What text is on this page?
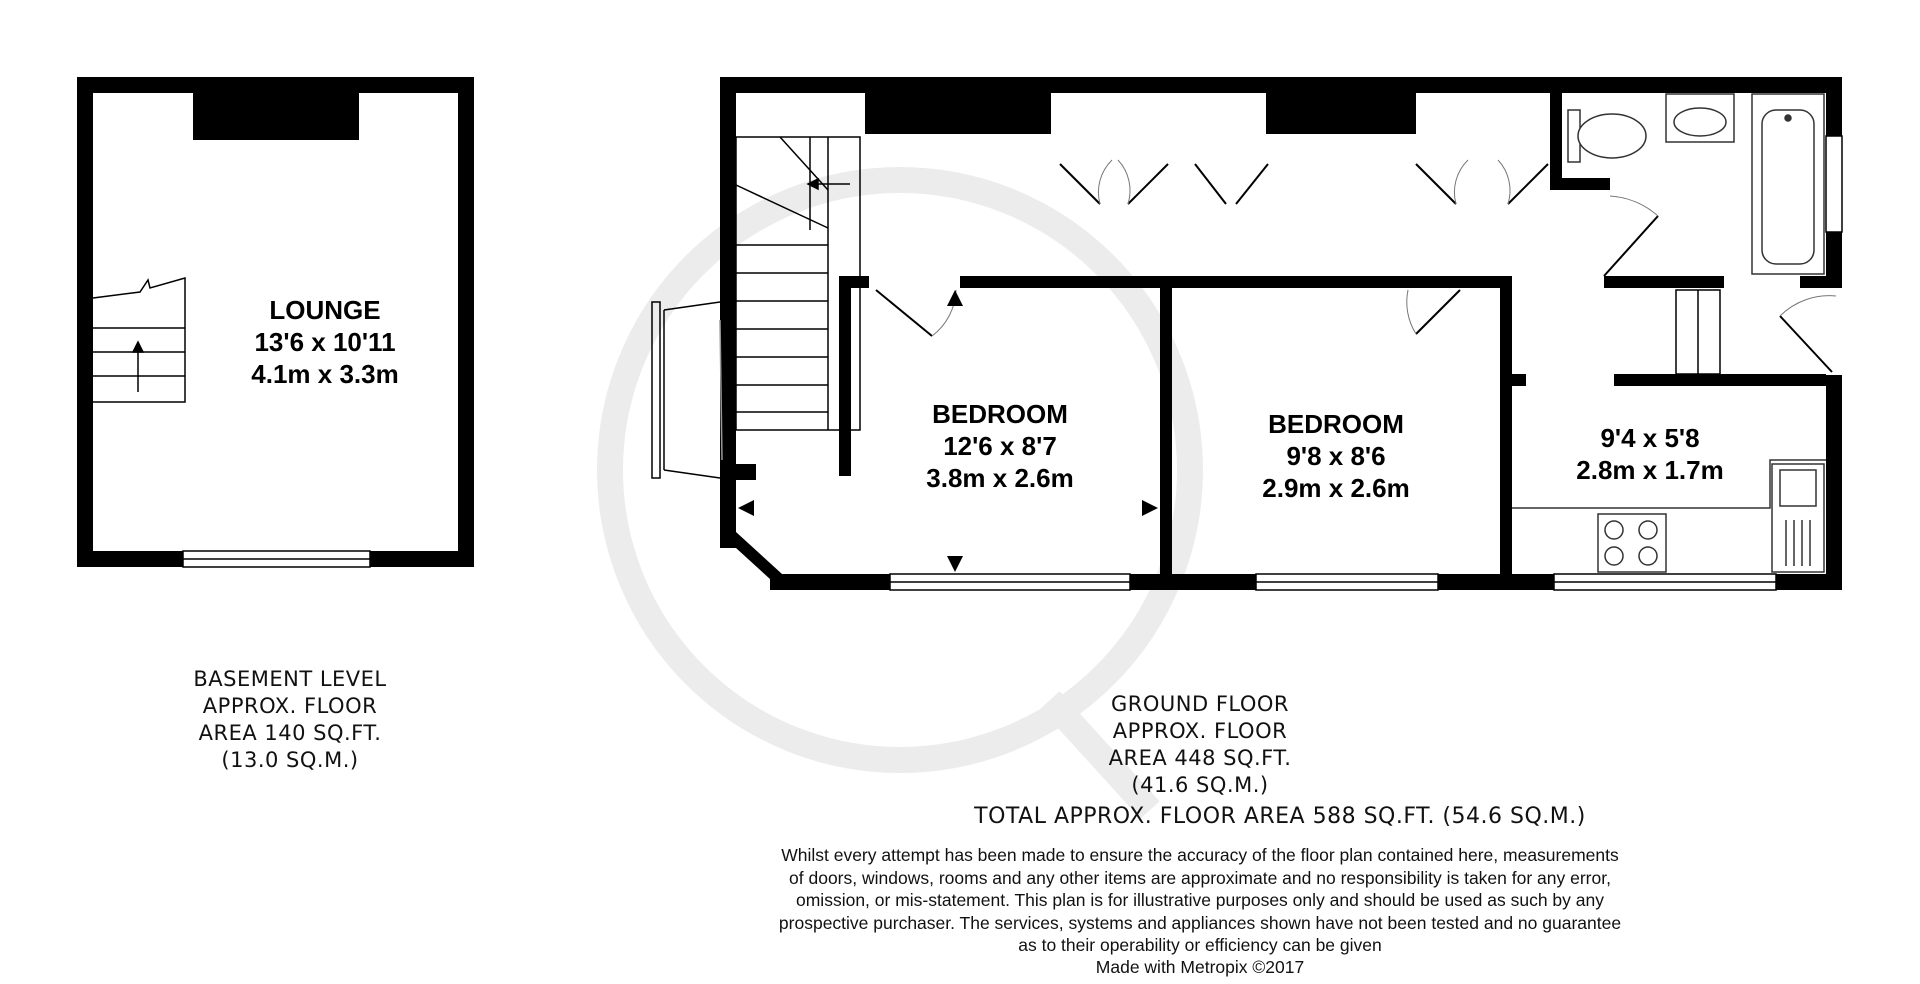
LOUNGE
13'6 x 10'11
4.1m x 3.3m
BEDROOM
12'6 x 8'7
3.8m x 2.6m
BEDROOM
9'8 x 8'6
2.9m x 2.6m
9'4 x 5'8
2.8m x 1.7m
BASEMENT LEVEL
APPROX. FLOOR
AREA 140 SQ.FT.
(13.0 SQ.M.)
GROUND FLOOR
APPROX. FLOOR
AREA 448 SQ.FT.
(41.6 SQ.M.)
TOTAL APPROX. FLOOR AREA 588 SQ.FT. (54.6 SQ.M.)
Whilst every attempt has been made to ensure the accuracy of the floor plan contained here, measurements
of doors, windows, rooms and any other items are approximate and no responsibility is taken for any error,
omission, or mis-statement. This plan is for illustrative purposes only and should be used as such by any
prospective purchaser. The services, systems and appliances shown have not been tested and no guarantee
as to their operability or efficiency can be given
Made with Metropix ©2017
